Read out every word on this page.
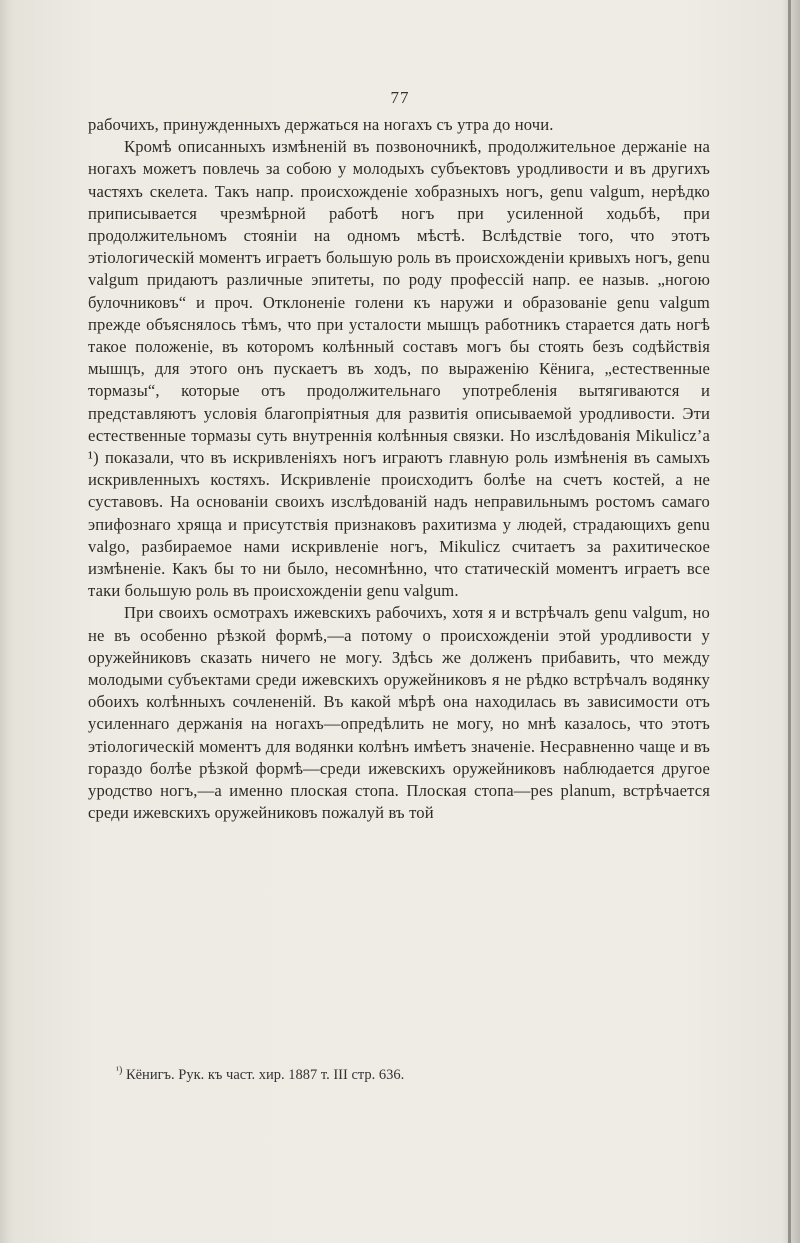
77

рабочихъ, принужденныхъ держаться на ногахъ съ утра до ночи.

Кромѣ описанныхъ измѣненій въ позвоночникѣ, продолжительное держаніе на ногахъ можетъ повлечь за собою у молодыхъ субъектовъ уродливости и въ другихъ частяхъ скелета. Такъ напр. происхожденіе хобразныхъ ногъ, genu valgum, нерѣдко приписывается чрезмѣрной работѣ ногъ при усиленной ходьбѣ, при продолжительномъ стояніи на одномъ мѣстѣ. Вслѣдствіе того, что этотъ этіологическій моментъ играетъ большую роль въ происхожденіи кривыхъ ногъ, genu valgum придаютъ различные эпитеты, по роду профессій напр. ее назыв. „ногою булочниковъ“ и проч. Отклоненіе голени къ наружи и образованіе genu valgum прежде объяснялось тѣмъ, что при усталости мышцъ работникъ старается дать ногѣ такое положеніе, въ которомъ колѣнный составъ могъ бы стоять безъ содѣйствія мышцъ, для этого онъ пускаетъ въ ходъ, по выраженію Кёнига, „естественные тормазы“, которые отъ продолжительнаго употребленія вытягиваются и представляютъ условія благопріятныя для развитія описываемой уродливости. Эти естественные тормазы суть внутреннія колѣнныя связки. Но изслѣдованія Mikulicz’а ¹) показали, что въ искривленіяхъ ногъ играютъ главную роль измѣненія въ самыхъ искривленныхъ костяхъ. Искривленіе происходитъ болѣе на счетъ костей, а не суставовъ. На основаніи своихъ изслѣдованій надъ неправильнымъ ростомъ самаго эпифознаго хряща и присутствія признаковъ рахитизма у людей, страдающихъ genu valgo, разбираемое нами искривленіе ногъ, Mikulicz считаетъ за рахитическое измѣненіе. Какъ бы то ни было, несомнѣнно, что статическій моментъ играетъ все таки большую роль въ происхожденіи genu valgum.

При своихъ осмотрахъ ижевскихъ рабочихъ, хотя я и встрѣчалъ genu valgum, но не въ особенно рѣзкой формѣ,—а потому о происхожденіи этой уродливости у оружейниковъ сказать ничего не могу. Здѣсь же долженъ прибавить, что между молодыми субъектами среди ижевскихъ оружейниковъ я не рѣдко встрѣчалъ водянку обоихъ колѣнныхъ сочлененій. Въ какой мѣрѣ она находилась въ зависимости отъ усиленнаго держанія на ногахъ—опредѣлить не могу, но мнѣ казалось, что этотъ этіологическій моментъ для водянки колѣнъ имѣетъ значеніе. Несравненно чаще и въ гораздо болѣе рѣзкой формѣ—среди ижевскихъ оружейниковъ наблюдается другое уродство ногъ,—а именно плоская стопа. Плоская стопа—pes planum, встрѣчается среди ижевскихъ оружейниковъ пожалуй въ той

$^{^1)}$ Кёнигъ. Рук. къ част. хир. 1887 т. III стр. 636.
